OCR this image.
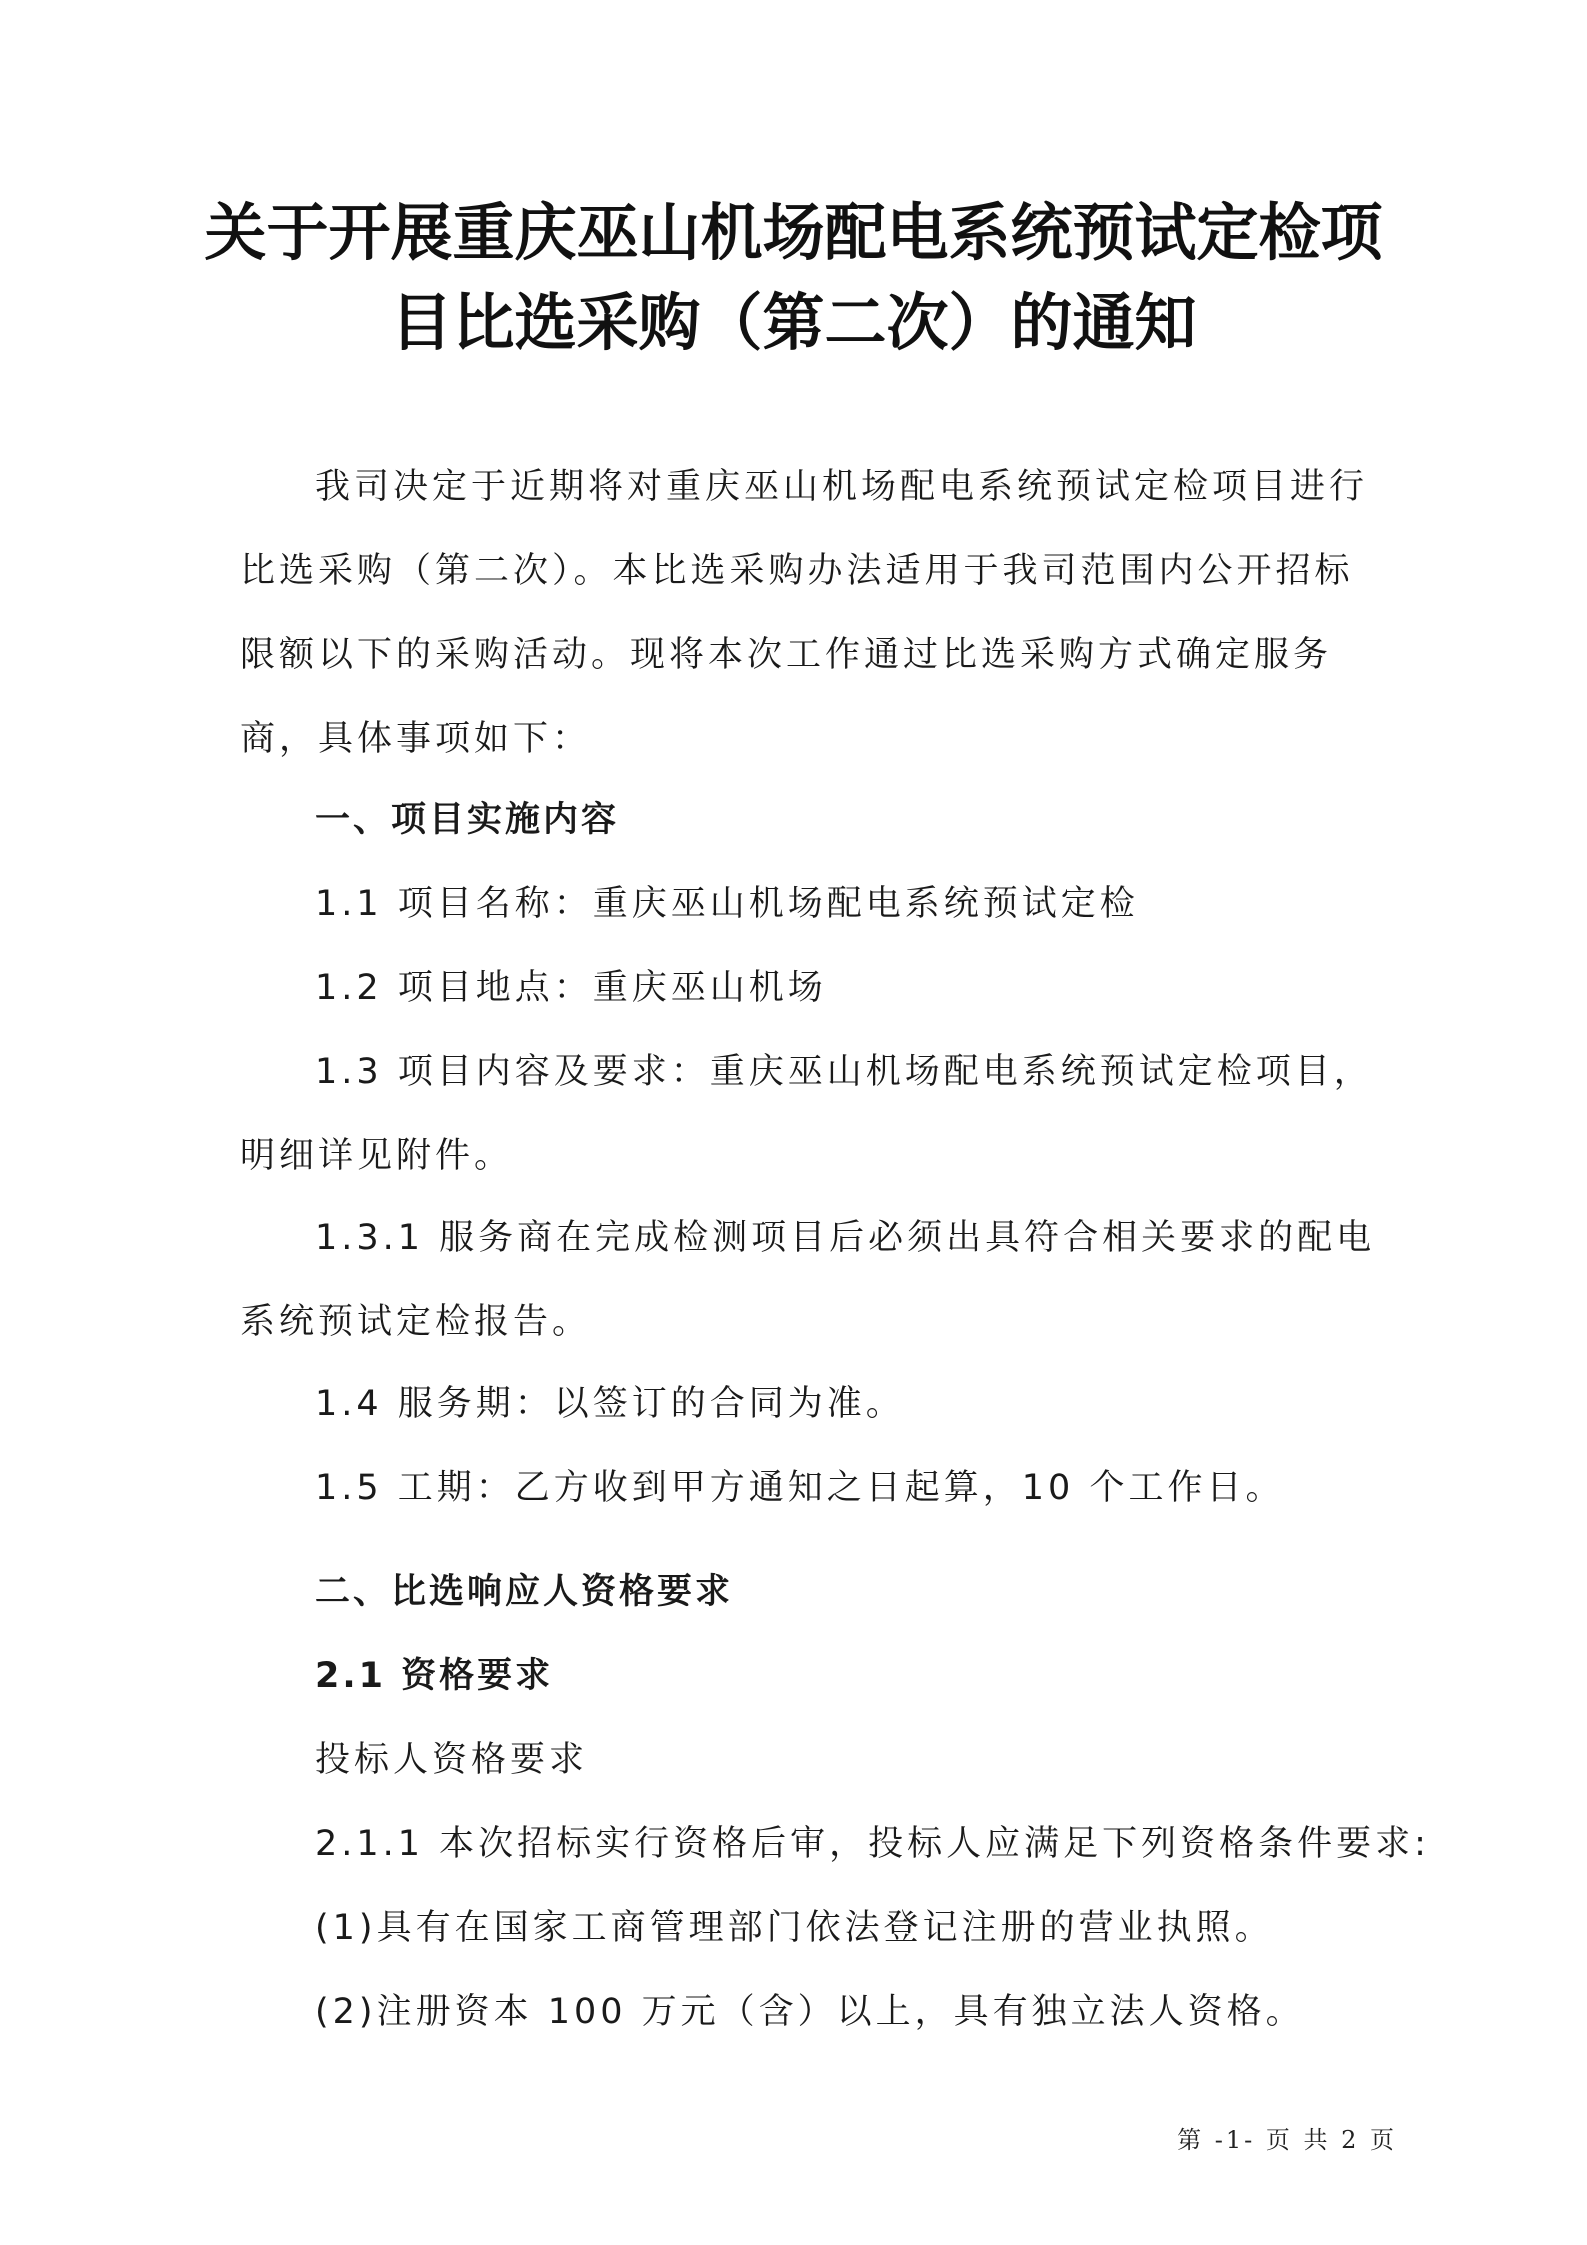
关于开展重庆巫山机场配电系统预试定检项
目比选采购（第二次）的通知

我司决定于近期将对重庆巫山机场配电系统预试定检项目进行比选采购（第二次）。本比选采购办法适用于我司范围内公开招标限额以下的采购活动。现将本次工作通过比选采购方式确定服务商，具体事项如下：

一、项目实施内容

1.1 项目名称：重庆巫山机场配电系统预试定检

1.2 项目地点：重庆巫山机场

1.3 项目内容及要求：重庆巫山机场配电系统预试定检项目，明细详见附件。

1.3.1 服务商在完成检测项目后必须出具符合相关要求的配电系统预试定检报告。

1.4 服务期：以签订的合同为准。

1.5 工期：乙方收到甲方通知之日起算，10 个工作日。

二、比选响应人资格要求

2.1 资格要求

投标人资格要求

2.1.1 本次招标实行资格后审，投标人应满足下列资格条件要求:

(1)具有在国家工商管理部门依法登记注册的营业执照。

(2)注册资本 100 万元（含）以上，具有独立法人资格。

第 -1- 页 共 2 页
